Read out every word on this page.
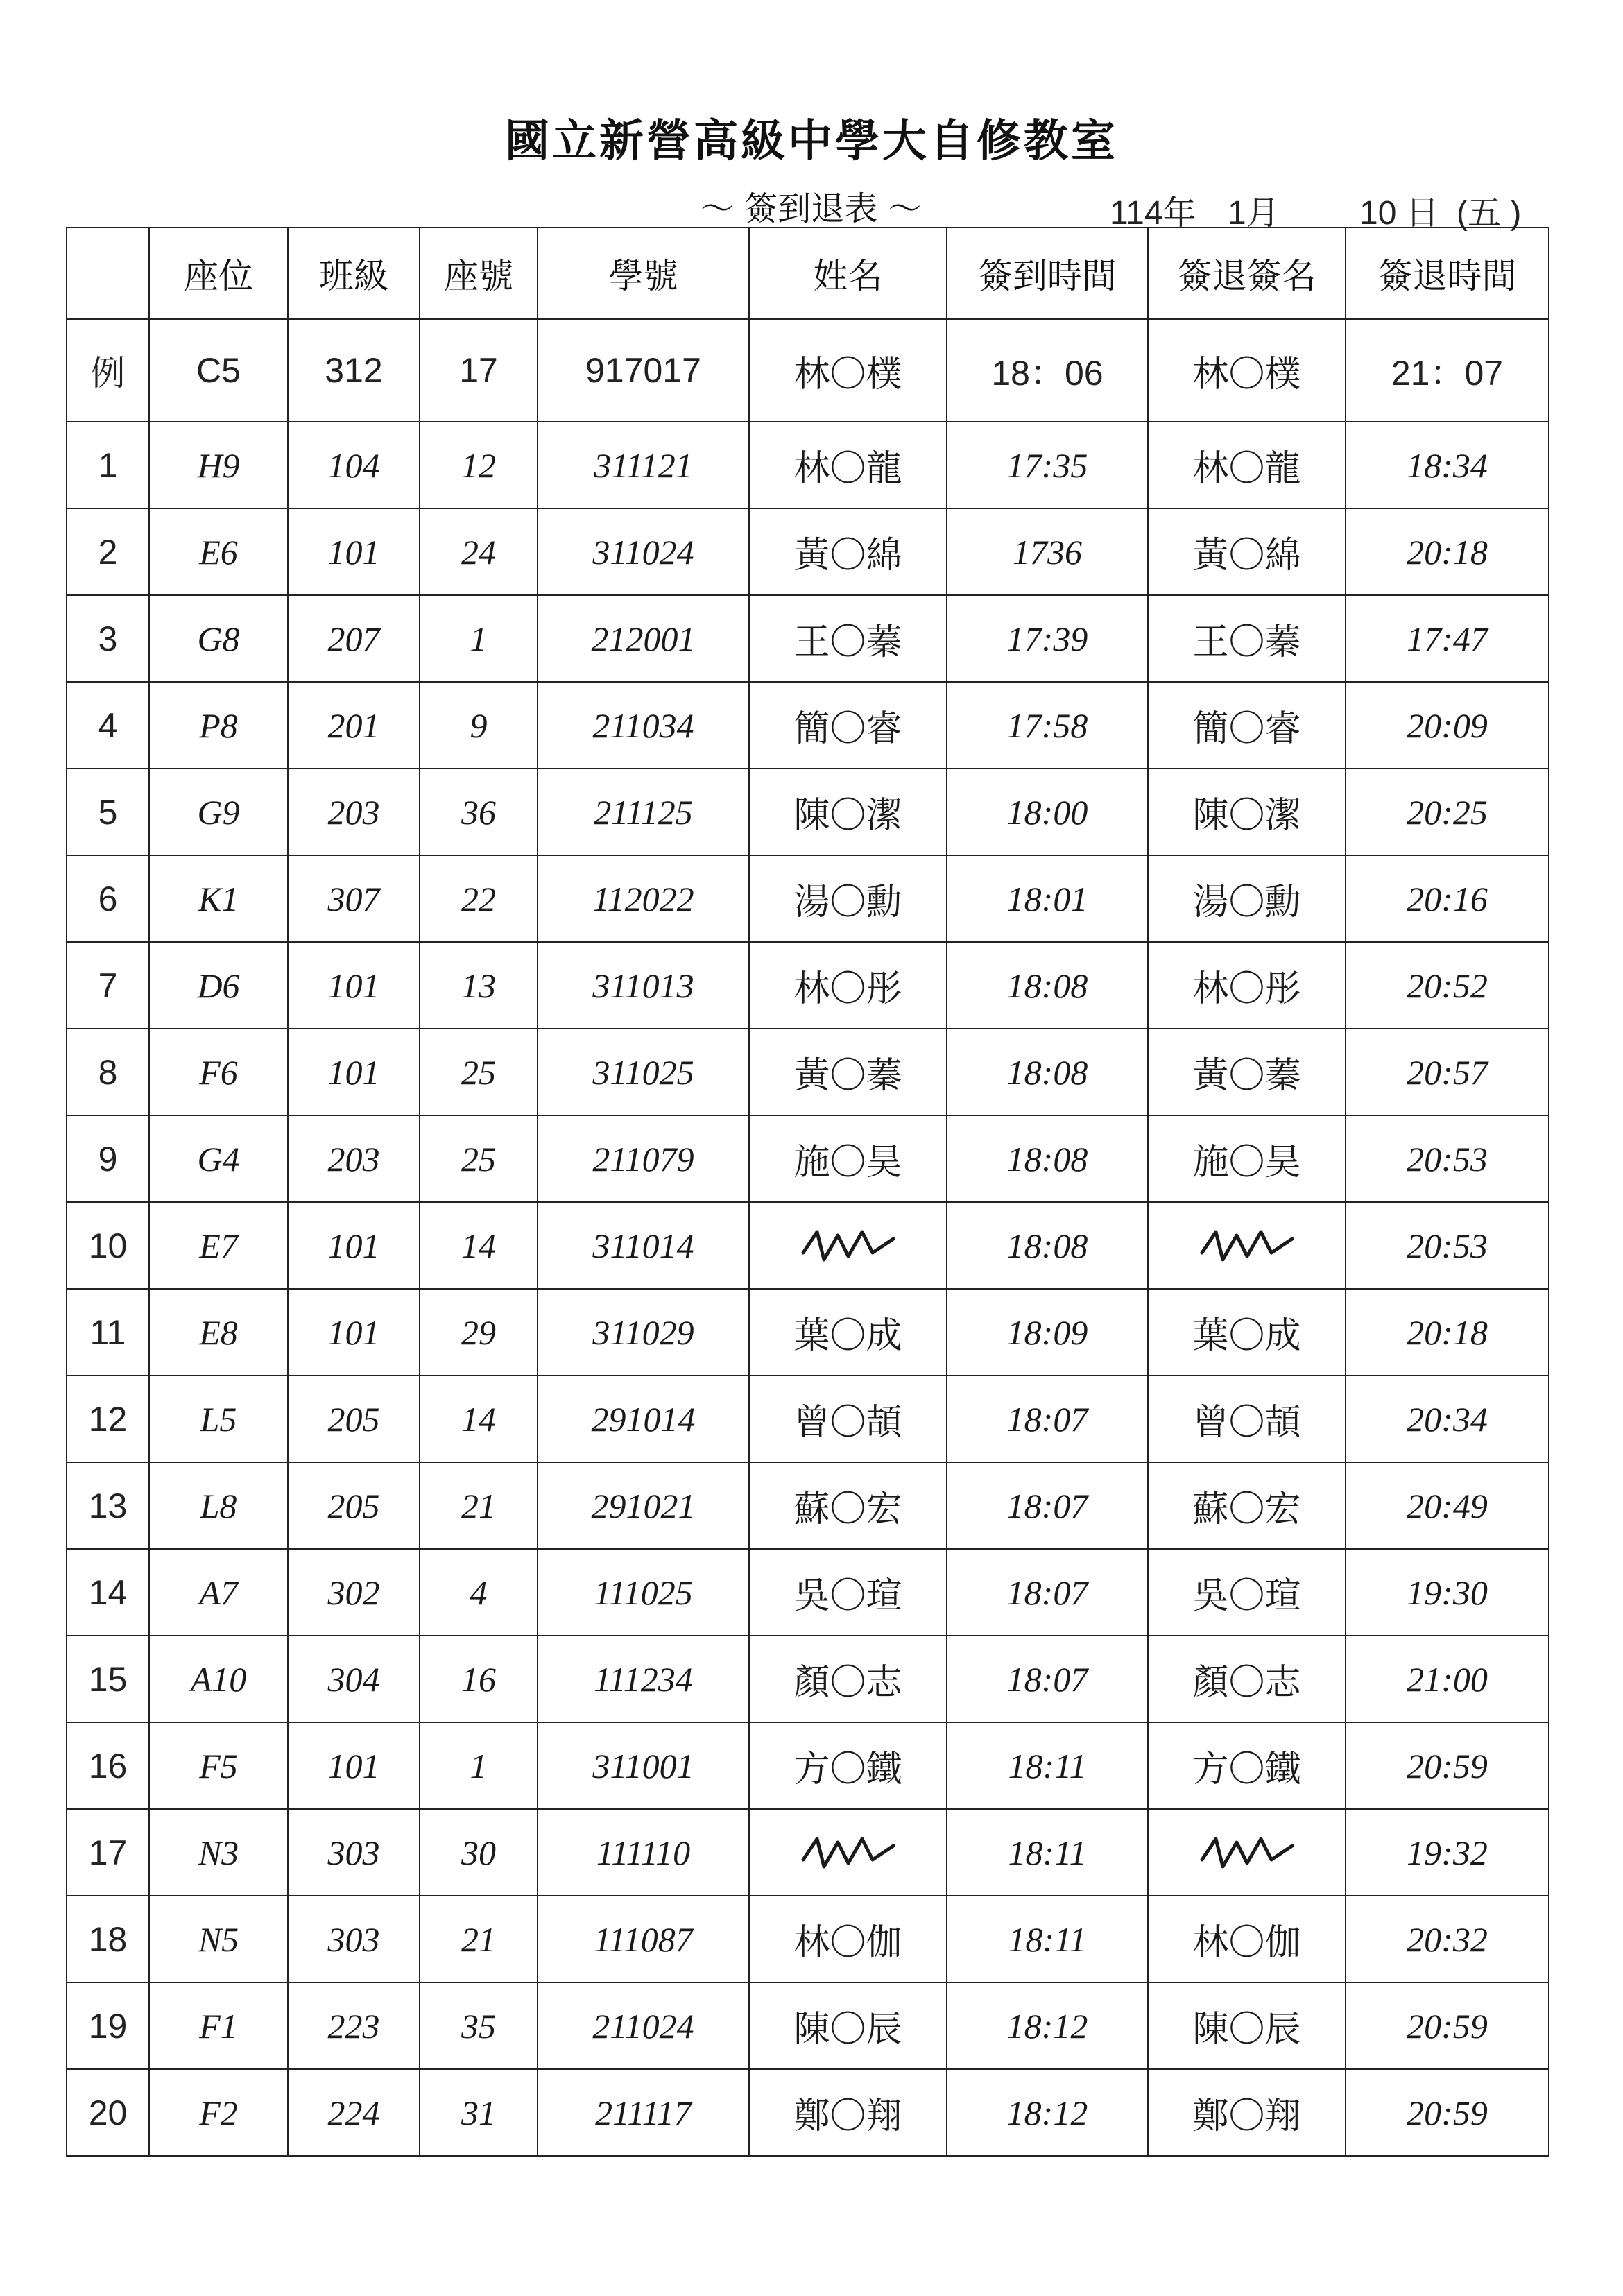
國立新營高級中學大自修教室
～ 簽到退表 ～	114年 1月 10 日 (五 )
	座位	班級	座號	學號	姓名	簽到時間	簽退簽名	簽退時間
例	C5	312	17	917017	林〇樸	18：06	林〇樸	21：07
1	H9	104	12	311121	林〇龍	17:35	林〇龍	18:34
2	E6	101	24	311024	黃〇綿	1736	黃〇綿	20:18
3	G8	207	1	212001	王〇蓁	17:39	王〇蓁	17:47
4	P8	201	9	211034	簡〇睿	17:58	簡〇睿	20:09
5	G9	203	36	211125	陳〇潔	18:00	陳〇潔	20:25
6	K1	307	22	112022	湯〇勳	18:01	湯〇勳	20:16
7	D6	101	13	311013	林〇彤	18:08	林〇彤	20:52
8	F6	101	25	311025	黃〇蓁	18:08	黃〇蓁	20:57
9	G4	203	25	211079	施〇昊	18:08	施〇昊	20:53
10	E7	101	14	311014		18:08		20:53
11	E8	101	29	311029	葉〇成	18:09	葉〇成	20:18
12	L5	205	14	291014	曾〇頡	18:07	曾〇頡	20:34
13	L8	205	21	291021	蘇〇宏	18:07	蘇〇宏	20:49
14	A7	302	4	111025	吳〇瑄	18:07	吳〇瑄	19:30
15	A10	304	16	111234	顏〇志	18:07	顏〇志	21:00
16	F5	101	1	311001	方〇鐵	18:11	方〇鐵	20:59
17	N3	303	30	111110		18:11		19:32
18	N5	303	21	111087	林〇伽	18:11	林〇伽	20:32
19	F1	223	35	211024	陳〇辰	18:12	陳〇辰	20:59
20	F2	224	31	211117	鄭〇翔	18:12	鄭〇翔	20:59
